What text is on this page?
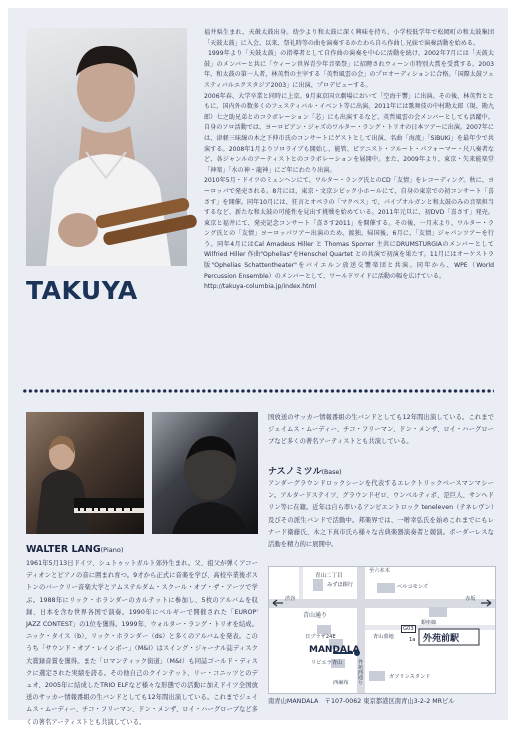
TAKUYA

福井県生まれ、天皷太鼓出身。幼少より和太鼓に深く興味を持ち、小学校低学年で松岡町の和太鼓集団「天鼓太鼓」に入会、以来、祭礼時等の曲を演奏するかたわら自ら作曲し兄妹で演奏活動を始める。

1999年より「天鼓太鼓」の指導者として自作曲の演奏を中心に活動を続け、2002年7月には「天鼓太鼓」のメンバーと共に「ウィーン世界青少年音楽祭」に招聘されウィーン市特別大賞を受賞する。2003年、和太鼓の第一人者、林英哲の主宰する「英哲風雲の会」のプロオーディションに合格。「国際太鼓フェスティバルエクスタジア2003」に出演、プロデビューする。

2006年春、大学卒業と同時に上京。9月東京国立劇場において「空海千響」に出演。その後、林英哲とともに、国内外の数多くのフェスティバル・イベント等に出演。2011年には歌舞伎の中村勘太郎（現、勘九郎）七之助兄弟とのコラボレーション「芯」にも出演するなど、英哲風雲の会メンバーとしても活躍中。自身のソロ活動では、ヨーロピアン・ジャズのワルター・ラング・トリオの日本ツアーに出演。2007年には、津軽三味線の木之下伸市氏のコンサートにゲストとして出演、名曲「海流」「SiBUKi」を最年少で共演する。2008年1月よりソロライブも開始し、能管、ピアニスト・フルート・パフォーマー・尺八奏者など、各ジャンルのアーティストとのコラボレーションを展開中。また、2009年より、東京・矢来能楽堂「神楽」「水の神・龍神」にご年にわたり出演。

2010年5月・ドイツのミュンヘンにて、ワルター・ラング氏とのCD「友情」をレコーディング。秋に、ヨーロッパで発売される。8月には、東京・文京シビック小ホールにて、自身の東京での初コンサート「喜さす」を開催。同年10月には、狂言とオペラの「マクベス」で、パイプオルガンと和太鼓のみの音楽担当するなど、新たな和太鼓の可能性を見出す挑戦を始めている。2011年元旦に、初DVD「喜さす」発売。東京と福井にて、発売記念コンサート「喜さす2011」を開催する。その後、一月末より、ワルター・ラング氏との「友情」ヨーロッパツアー出演のため、渡独。帰国後、6月に、「友情」ジャパンツアーを行う。同年4月にはCal Amadeus Hiller と Thomas Sporrer 主共にDRUMSTURGIAのメンバーとして Wilfried Hiller 作曲"Ophelias"をHenschel Quartet との共演で初演を果たす。11月にはオーケストラ版"Ophelias Schattentheater"をバイエルン放送交響楽団と共演。同年から、WPE（World Percussion Ensemble）のメンバーとして、ワールドワイドに活動の幅を広げている。

http://takuya-columbia.jp/index.html

WALTER LANG(Piano)
1961年5月13日ドイツ、シュトゥットガルト郊外生まれ。父、祖父が弾くアコーディオンとピアノの音に囲まれ育つ。9才から正式に音楽を学び、高校卒業後ボストンのバークリー音楽大学とアムステルダム・スクール・オブ・ザ・アーツで学ぶ。1988年にリック・ホランダーのカルテットに参加し、5枚のアルバムを収録、日本を含む世界各国で演奏。1990年にベルギーで開催された「EUROP' JAZZ CONTEST」の1位を獲得。1999年、ウォルター・ラング・トリオを結成。ニック・タイス（b）、リック・ホランダー（ds）と多くのアルバムを発表。このうち「サウンド・オブ・レインボー」（M&I）はスイング・ジャーナル誌ディスク大賞録音賞を獲得。また「ロマンティック街道」（M&I）も同誌ゴールド・ディスクに選定された実績を誇る。その他自己のクインテット、リー・コニッツとのデュオ、2005年に結成したTRIO ELFなど様々な形態での活動に加えドイツ全国放送のサッカー情報番組の生バンドとしても12年間出演している。これまでジェイムス・ムーディー、チコ・フリーマン、ドン・メンザ、ロイ・ハーグローブなど多くの著名アーティストとも共演している。

国放送のサッカー情報番組の生バンドとしても12年間出演している。これまでジェイムス・ムーディー、チコ・フリーマン、ドン・メンザ、ロイ・ハーグローブなど多くの著名アーティストとも共演している。

ナスノミツル(Base)
アンダーグラウンドロックシーンを代表するエレクトリックベースマンマシーン。アルタードステイツ、グラウンドゼロ、ウンベルティポ、是巨人、サンヘドリン等に在籍。近年は自ら率いるアンビエントロック teneleven（テネレヴン）及びその派生バンドで活動中。邦楽界では、一噌幸弘氏を始めこれまでにもレナード衛藤氏、木之下真市氏ら様々な古典楽器演奏者と競演。ボーダーレスな活動を精力的に展開中。
青山二丁目
青山通り
みずほ銀行	ベルコモンズ
渋谷	赤坂
G03
銀座線
外苑前駅
日ブラザ24E	青山墓地
リビエラ青山	外苑西通り	ガソリンスタンド
西麻布
至六本木
MANDALA
1a
南青山MANDALA　〒107-0062 東京都港区南青山3-2-2 MRビル
